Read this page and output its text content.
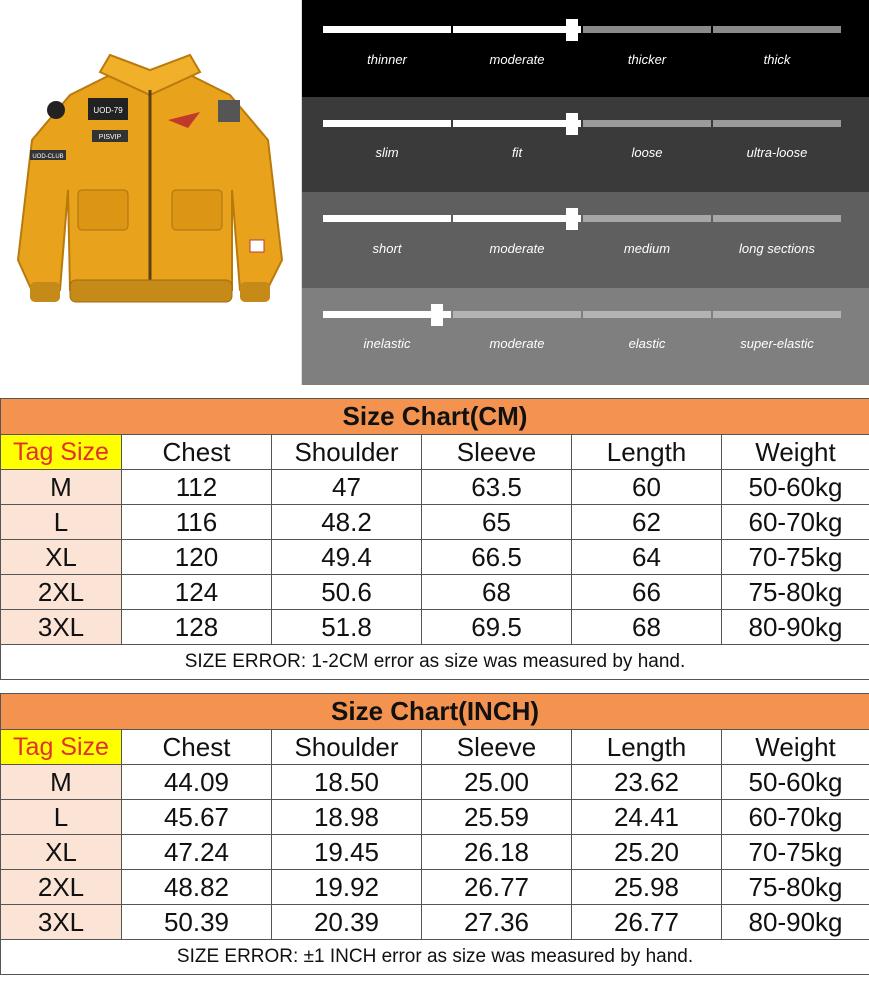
UOD-79
PISVIP
UOD-CLUB
thinner	moderate	thicker	thick
slim	fit	loose	ultra-loose
short	moderate	medium	long sections
inelastic	moderate	elastic	super-elastic
Size Chart(CM)					
Tag Size	Chest	Shoulder	Sleeve	Length	Weight
M	112	47	63.5	60	50-60kg
L	116	48.2	65	62	60-70kg
XL	120	49.4	66.5	64	70-75kg
2XL	124	50.6	68	66	75-80kg
3XL	128	51.8	69.5	68	80-90kg
SIZE ERROR: 1-2CM error as size was measured by hand.					
Size Chart(INCH)					
Tag Size	Chest	Shoulder	Sleeve	Length	Weight
M	44.09	18.50	25.00	23.62	50-60kg
L	45.67	18.98	25.59	24.41	60-70kg
XL	47.24	19.45	26.18	25.20	70-75kg
2XL	48.82	19.92	26.77	25.98	75-80kg
3XL	50.39	20.39	27.36	26.77	80-90kg
SIZE ERROR: ±1 INCH error as size was measured by hand.					
